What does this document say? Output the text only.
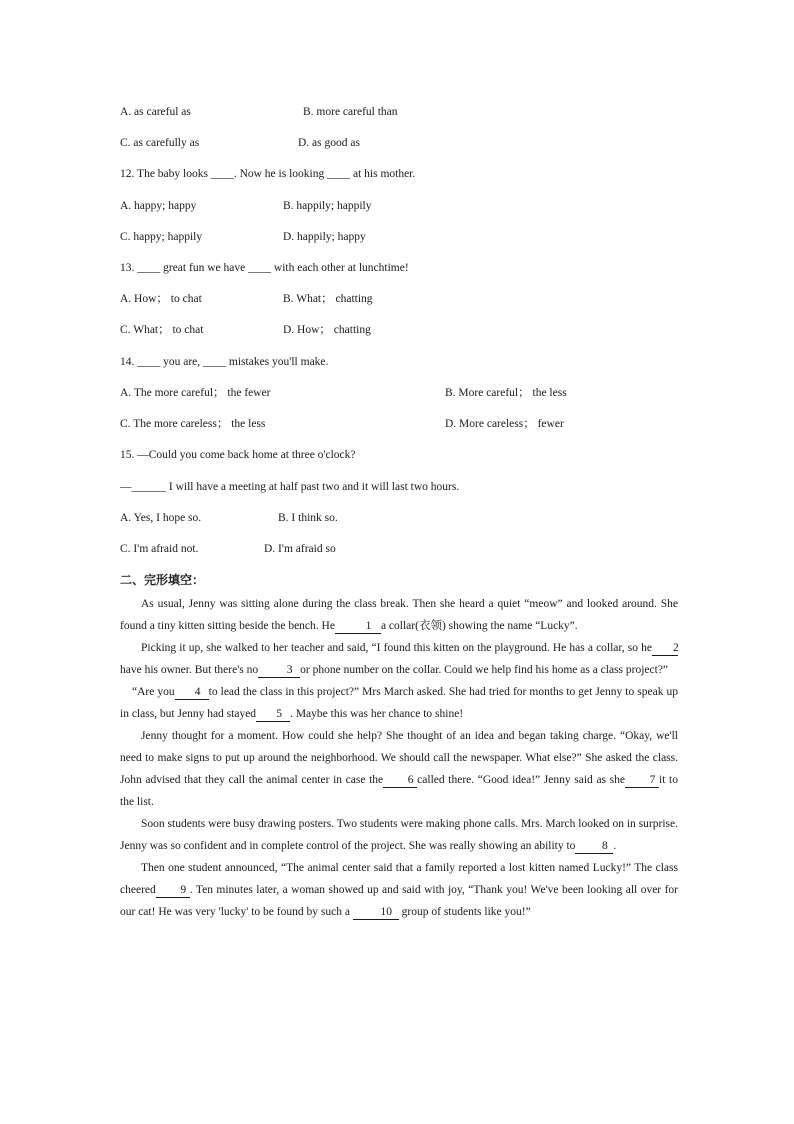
A. as careful as	B. more careful than
C. as carefully as	D. as good as
12. The baby looks ____. Now he is looking ____ at his mother.
A. happy; happy	B. happily; happily
C. happy; happily	D. happily; happy
13. ____ great fun we have ____ with each other at lunchtime!
A. How； to chat	B. What； chatting
C. What； to chat	D. How； chatting
14. ____ you are, ____ mistakes you'll make.
A. The more careful； the fewer	B. More careful； the less
C. The more careless； the less	D. More careless； fewer
15. —Could you come back home at three o'clock?
—______ I will have a meeting at half past two and it will last two hours.
A. Yes, I hope so.	B. I think so.
C. I'm afraid not.	D. I'm afraid so
二、完形填空：

As usual, Jenny was sitting alone during the class break. Then she heard a quiet “meow” and looked around. She found a tiny kitten sitting beside the bench. He	1 a collar(衣领) showing the name “Lucky”.

Picking it up, she walked to her teacher and said, “I found this kitten on the playground. He has a collar, so he 2have his owner. But there's no 3 or phone number on the collar. Could we help find his home as a class project?”

“Are you 4 to lead the class in this project?” Mrs March asked. She had tried for months to get Jenny to speak up in class, but Jenny had stayed 5 . Maybe this was her chance to shine!

Jenny thought for a moment. How could she help? She thought of an idea and began taking charge. “Okay, we'll need to make signs to put up around the neighborhood. We should call the newspaper. What else?” She asked the class. John advised that they call the animal center in case the 6 called there. “Good idea!” Jenny said as she 7 it to the list.

Soon students were busy drawing posters. Two students were making phone calls. Mrs. March looked on in surprise. Jenny was so confident and in complete control of the project. She was really showing an ability to 8 .

Then one student announced, “The animal center said that a family reported a lost kitten named Lucky!” The class cheered 9 . Ten minutes later, a woman showed up and said with joy, “Thank you! We've been looking all over for our cat! He was very 'lucky' to be found by such a	10 group of students like you!”
